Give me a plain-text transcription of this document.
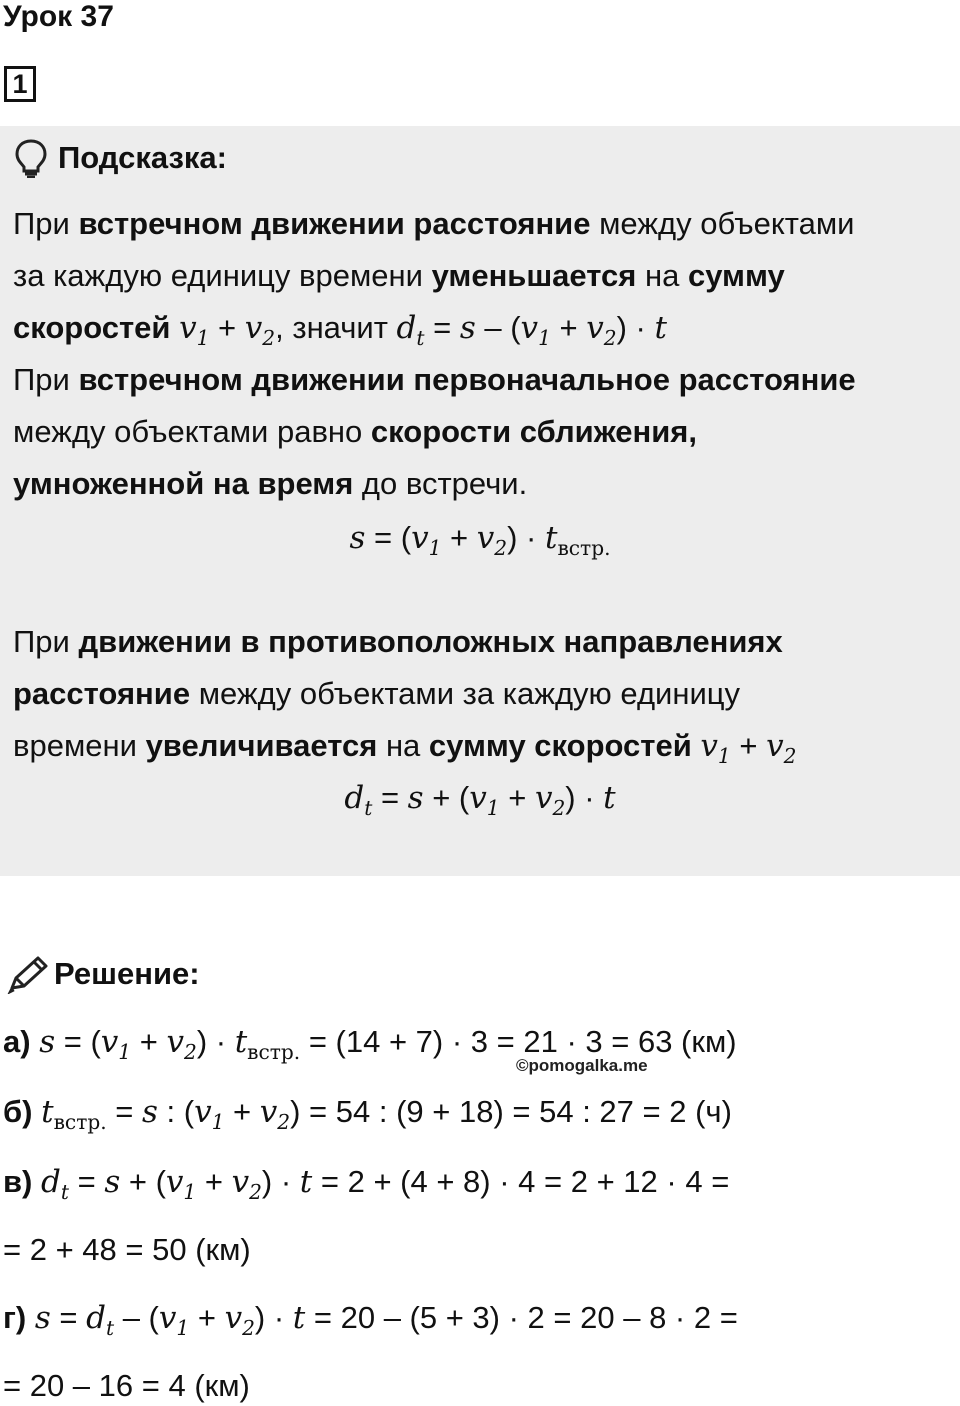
Урок 37
1
Подсказка:
При встречном движении расстояние между объектами
за каждую единицу времени уменьшается на сумму
скоростей $v_1 + v_2$, значит $d_t = s - (v_1 + v_2) \cdot t$
При встречном движении первоначальное расстояние
между объектами равно скорости сближения,
умноженной на время до встречи.
$s = (v_1 + v_2) \cdot t_{встр.}$
При движении в противоположных направлениях
расстояние между объектами за каждую единицу
времени увеличивается на сумму скоростей $v_1 + v_2$
$d_t = s + (v_1 + v_2) \cdot t$
Решение:
а) $s = (v_1 + v_2) \cdot t_{встр.} = (14 + 7) \cdot 3 = 21 \cdot 3 = 63$ (км)
©pomogalka.me
б) $t_{встр.} = s$ : $(v_1 + v_2) = 54$ : (9 + 18) = 54 : 27 = 2 (ч)
в) $d_t = s + (v_1 + v_2) \cdot t = 2 + (4 + 8) \cdot 4 = 2 + 12 \cdot 4$ =
= 2 + 48 = 50 (км)
г) $s = d_t - (v_1 + v_2) \cdot t = 20 - (5 + 3) \cdot 2 = 20 - 8 \cdot 2$ =
= 20 – 16 = 4 (км)
